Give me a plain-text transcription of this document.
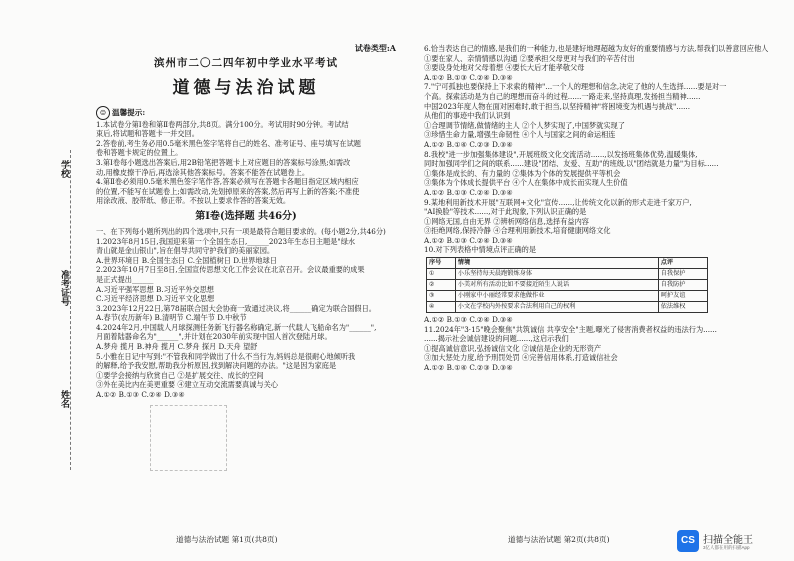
学校
准考证号
姓名

试卷类型:A

滨州市二〇二四年初中学业水平考试

道德与法治试题

☺ 温馨提示:

1.本试卷分第Ⅰ卷和第Ⅱ卷两部分,共8页。满分100分。考试用时90分钟。考试结

束后,将试题和答题卡一并交回。

2.答卷前,考生务必用0.5毫米黑色签字笔将自己的姓名、准考证号、座号填写在试题

卷和答题卡规定的位置上。

3.第Ⅰ卷每小题选出答案后,用2B铅笔把答题卡上对应题目的答案标号涂黑;如需改

动,用橡皮擦干净后,再选涂其他答案标号。答案不能答在试题卷上。

4.第Ⅱ卷必须用0.5毫米黑色签字笔作答,答案必须写在答题卡各题目指定区域内相应

的位置,不能写在试题卷上;如需改动,先划掉原来的答案,然后再写上新的答案;不准使

用涂改液、胶带纸、修正带。不按以上要求作答的答案无效。

第Ⅰ卷(选择题 共46分)

一、在下列每小题所列出的四个选项中,只有一项是最符合题目要求的。(每小题2分,共46分)

1.2023年8月15日,我国迎来第一个全国生态日,______2023年生态日主题是"绿水

青山就是金山银山",旨在倡导共同守护我们的美丽家园。

A.世界环境日 B.全国生态日 C.全国植树日 D.世界地球日

2.2023年10月7日至8日,全国宣传思想文化工作会议在北京召开。会议最重要的成果

是正式提出______

A.习近平强军思想 B.习近平外交思想

C.习近平经济思想 D.习近平文化思想

3.2023年12月22日,第78届联合国大会协商一致通过决议,将______确定为联合国假日。

A.春节(农历新年) B.清明节 C.端午节 D.中秋节

4.2024年2月,中国载人月球探测任务新飞行器名称确定,新一代载人飞船命名为"______",

月面着陆器命名为"______",并计划在2030年前实现中国人首次登陆月球。

A.梦舟 揽月 B.神舟 揽月 C.梦舟 探月 D.天舟 望舒

5.小雅在日记中写到:"不管我和同学做出了什么不当行为,妈妈总是很耐心地倾听我

的解释,给予我安慰,帮助我分析原因,找到解决问题的办法。"这是因为家庭是

①要学会接纳与欣赏自己 ②是扩展交往、成长的空间

③外在美比内在美更重要 ④建立互动交流需要真诚与关心

A.①② B.①③ C.②④ D.③④

6.恰当表达自己的情感,是我们的一种能力,也是建好地理超越为友好的重要情感与方法,帮我们以善意回应他人

①要在家人、亲情情感以沟通 ②要承担父母更对与我们的辛苦付出

③要设身处地对父母着想 ④要长大后才能孝敬父母

A.①② B.①③ C.②④ D.③④

7."宁可孤独也要保持上下求索的精神"...一个人的理想和信念,决定了他的人生选择......要是对一

个高。探索活动是为自己的理想而奋斗的过程......一路走来,坚持真理,发扬担当精神......

中国2023年度人物在面对困难时,敢于担当,以坚持精神"将困境变为机遇与挑战"......

从他们的事迹中我们认识到

①合理调节情绪,做情绪的主人 ②个人梦实现了,中国梦就实现了

③珍惜生命力量,增强生命韧性 ④个人与国家之间的命运相连

A.①② B.①④ C.②③ D.③④

8.我校"进一步加强集体建设",开展班级文化交流活动......,以发扬班集体优势,温暖集体,

同时加强同学们之间的联系......建设"团结、友爱、互助"的班级,以"团结就是力量"为目标......

①集体是成长的、有力量的 ②集体为个体的发展提供平等机会

③集体为个体成长提供平台 ④个人在集体中成长而实现人生价值

A.①② B.①③ C.②④ D.③④

9.某地利用新技术开展"互联网+文化"宣传......,让传统文化以新的形式走进千家万户,

"AI换脸"等技术......,对于此现象,下列认识正确的是

①网络无国,自由无界 ②辨析网络信息,选择有益内容

③拒绝网络,保持冷静 ④合理利用新技术,培育健康网络文化

A.①② B.①③ C.②④ D.③④

10.对下列表格中情境点评正确的是

序号	情境	点评
①	小乐坚持每天晨跑锻炼身体	自我保护
②	小美对所有活动比如不要接近陌生人说话	自我防护
③	小刚家中小丽经常要求他做作业	呵护友谊
④	小文在学校内外按要求合法利用自己的权利	依法维权

A.①② B.①③ C.②④ D.③④

11.2024年"3·15"晚会聚焦"共筑诚信 共享安全"主题,曝光了侵害消费者权益的违法行为......

......揭示社会诚信建设的问题......,这启示我们

①提高诚信意识,弘扬诚信文化 ②诚信是企业的无形资产

③加大惩处力度,给予刑罚处罚 ④完善信用体系,打造诚信社会

A.①② B.①④ C.②③ D.③④

道德与法治试题 第1页(共8页)	道德与法治试题 第2页(共8页)	CS 扫描全能王
3亿人都在用的扫描App
